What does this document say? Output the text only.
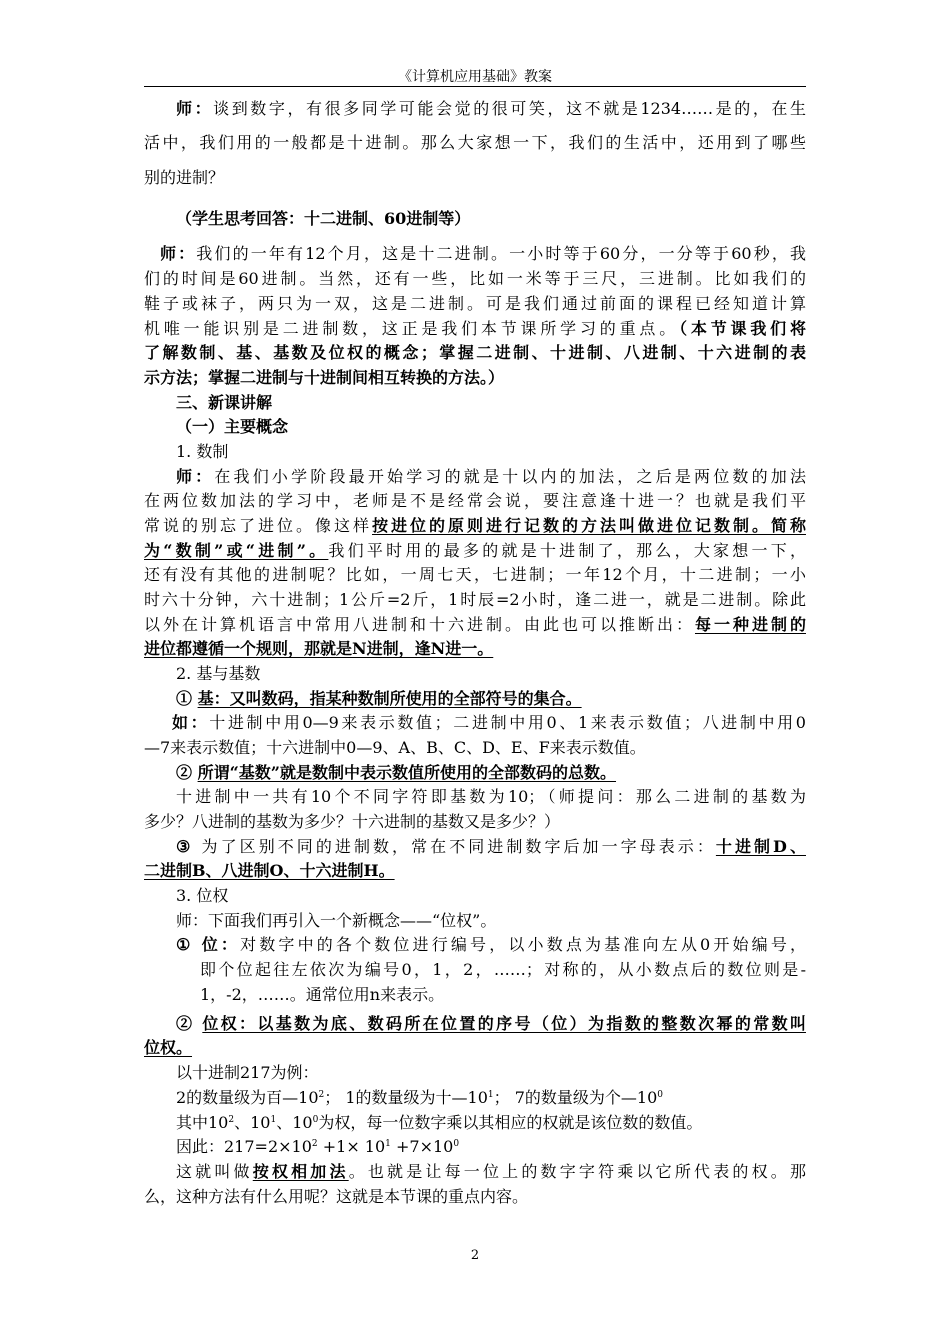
《计算机应用基础》教案
师：谈到数字，有很多同学可能会觉的很可笑，这不就是1234……是的，在生
活中，我们用的一般都是十进制。那么大家想一下，我们的生活中，还用到了哪些
别的进制？
（学生思考回答：十二进制、60进制等）
师：我们的一年有12个月，这是十二进制。一小时等于60分，一分等于60秒，我
们的时间是60进制。当然，还有一些，比如一米等于三尺，三进制。比如我们的
鞋子或袜子，两只为一双，这是二进制。可是我们通过前面的课程已经知道计算
机唯一能识别是二进制数，这正是我们本节课所学习的重点。（本节课我们将
了解数制、基、基数及位权的概念；掌握二进制、十进制、八进制、十六进制的表
示方法；掌握二进制与十进制间相互转换的方法。）
三、新课讲解
（一）主要概念
1. 数制
师：在我们小学阶段最开始学习的就是十以内的加法，之后是两位数的加法
在两位数加法的学习中，老师是不是经常会说，要注意逢十进一？也就是我们平
常说的别忘了进位。像这样按进位的原则进行记数的方法叫做进位记数制。简称
为“数制”或“进制”。我们平时用的最多的就是十进制了，那么，大家想一下，
还有没有其他的进制呢？比如，一周七天，七进制；一年12个月，十二进制；一小
时六十分钟，六十进制；1公斤=2斤，1时辰=2小时，逢二进一，就是二进制。除此
以外在计算机语言中常用八进制和十六进制。由此也可以推断出：每一种进制的
进位都遵循一个规则，那就是N进制，逢N进一。
2. 基与基数
① 基：又叫数码，指某种数制所使用的全部符号的集合。
如：十进制中用0—9来表示数值；二进制中用0、1来表示数值；八进制中用0
—7来表示数值；十六进制中0—9、A、B、C、D、E、F来表示数值。
② 所谓“基数”就是数制中表示数值所使用的全部数码的总数。
十进制中一共有10个不同字符即基数为10；（师提问：那么二进制的基数为
多少？八进制的基数为多少？十六进制的基数又是多少？）
③ 为了区别不同的进制数，常在不同进制数字后加一字母表示：十进制D、
二进制B、八进制O、十六进制H。
3. 位权
师：下面我们再引入一个新概念——“位权”。
① 位：对数字中的各个数位进行编号，以小数点为基准向左从0开始编号，
即个位起往左依次为编号0，1，2，……；对称的，从小数点后的数位则是-
1，-2，……。通常位用n来表示。
② 位权：以基数为底、数码所在位置的序号（位）为指数的整数次幂的常数叫
位权。
以十进制217为例：
2的数量级为百$—10^2$； 1的数量级为十$—10^1$； 7的数量级为个$—10^0$
其中$10^2$、$10^1$、$10^0$为权，每一位数字乘以其相应的权就是该位数的数值。
因此：$217=2\times 10^2 +1\times 10^1 +7\times 10^0$
这就叫做按权相加法。也就是让每一位上的数字字符乘以它所代表的权。那
么，这种方法有什么用呢？这就是本节课的重点内容。
2
